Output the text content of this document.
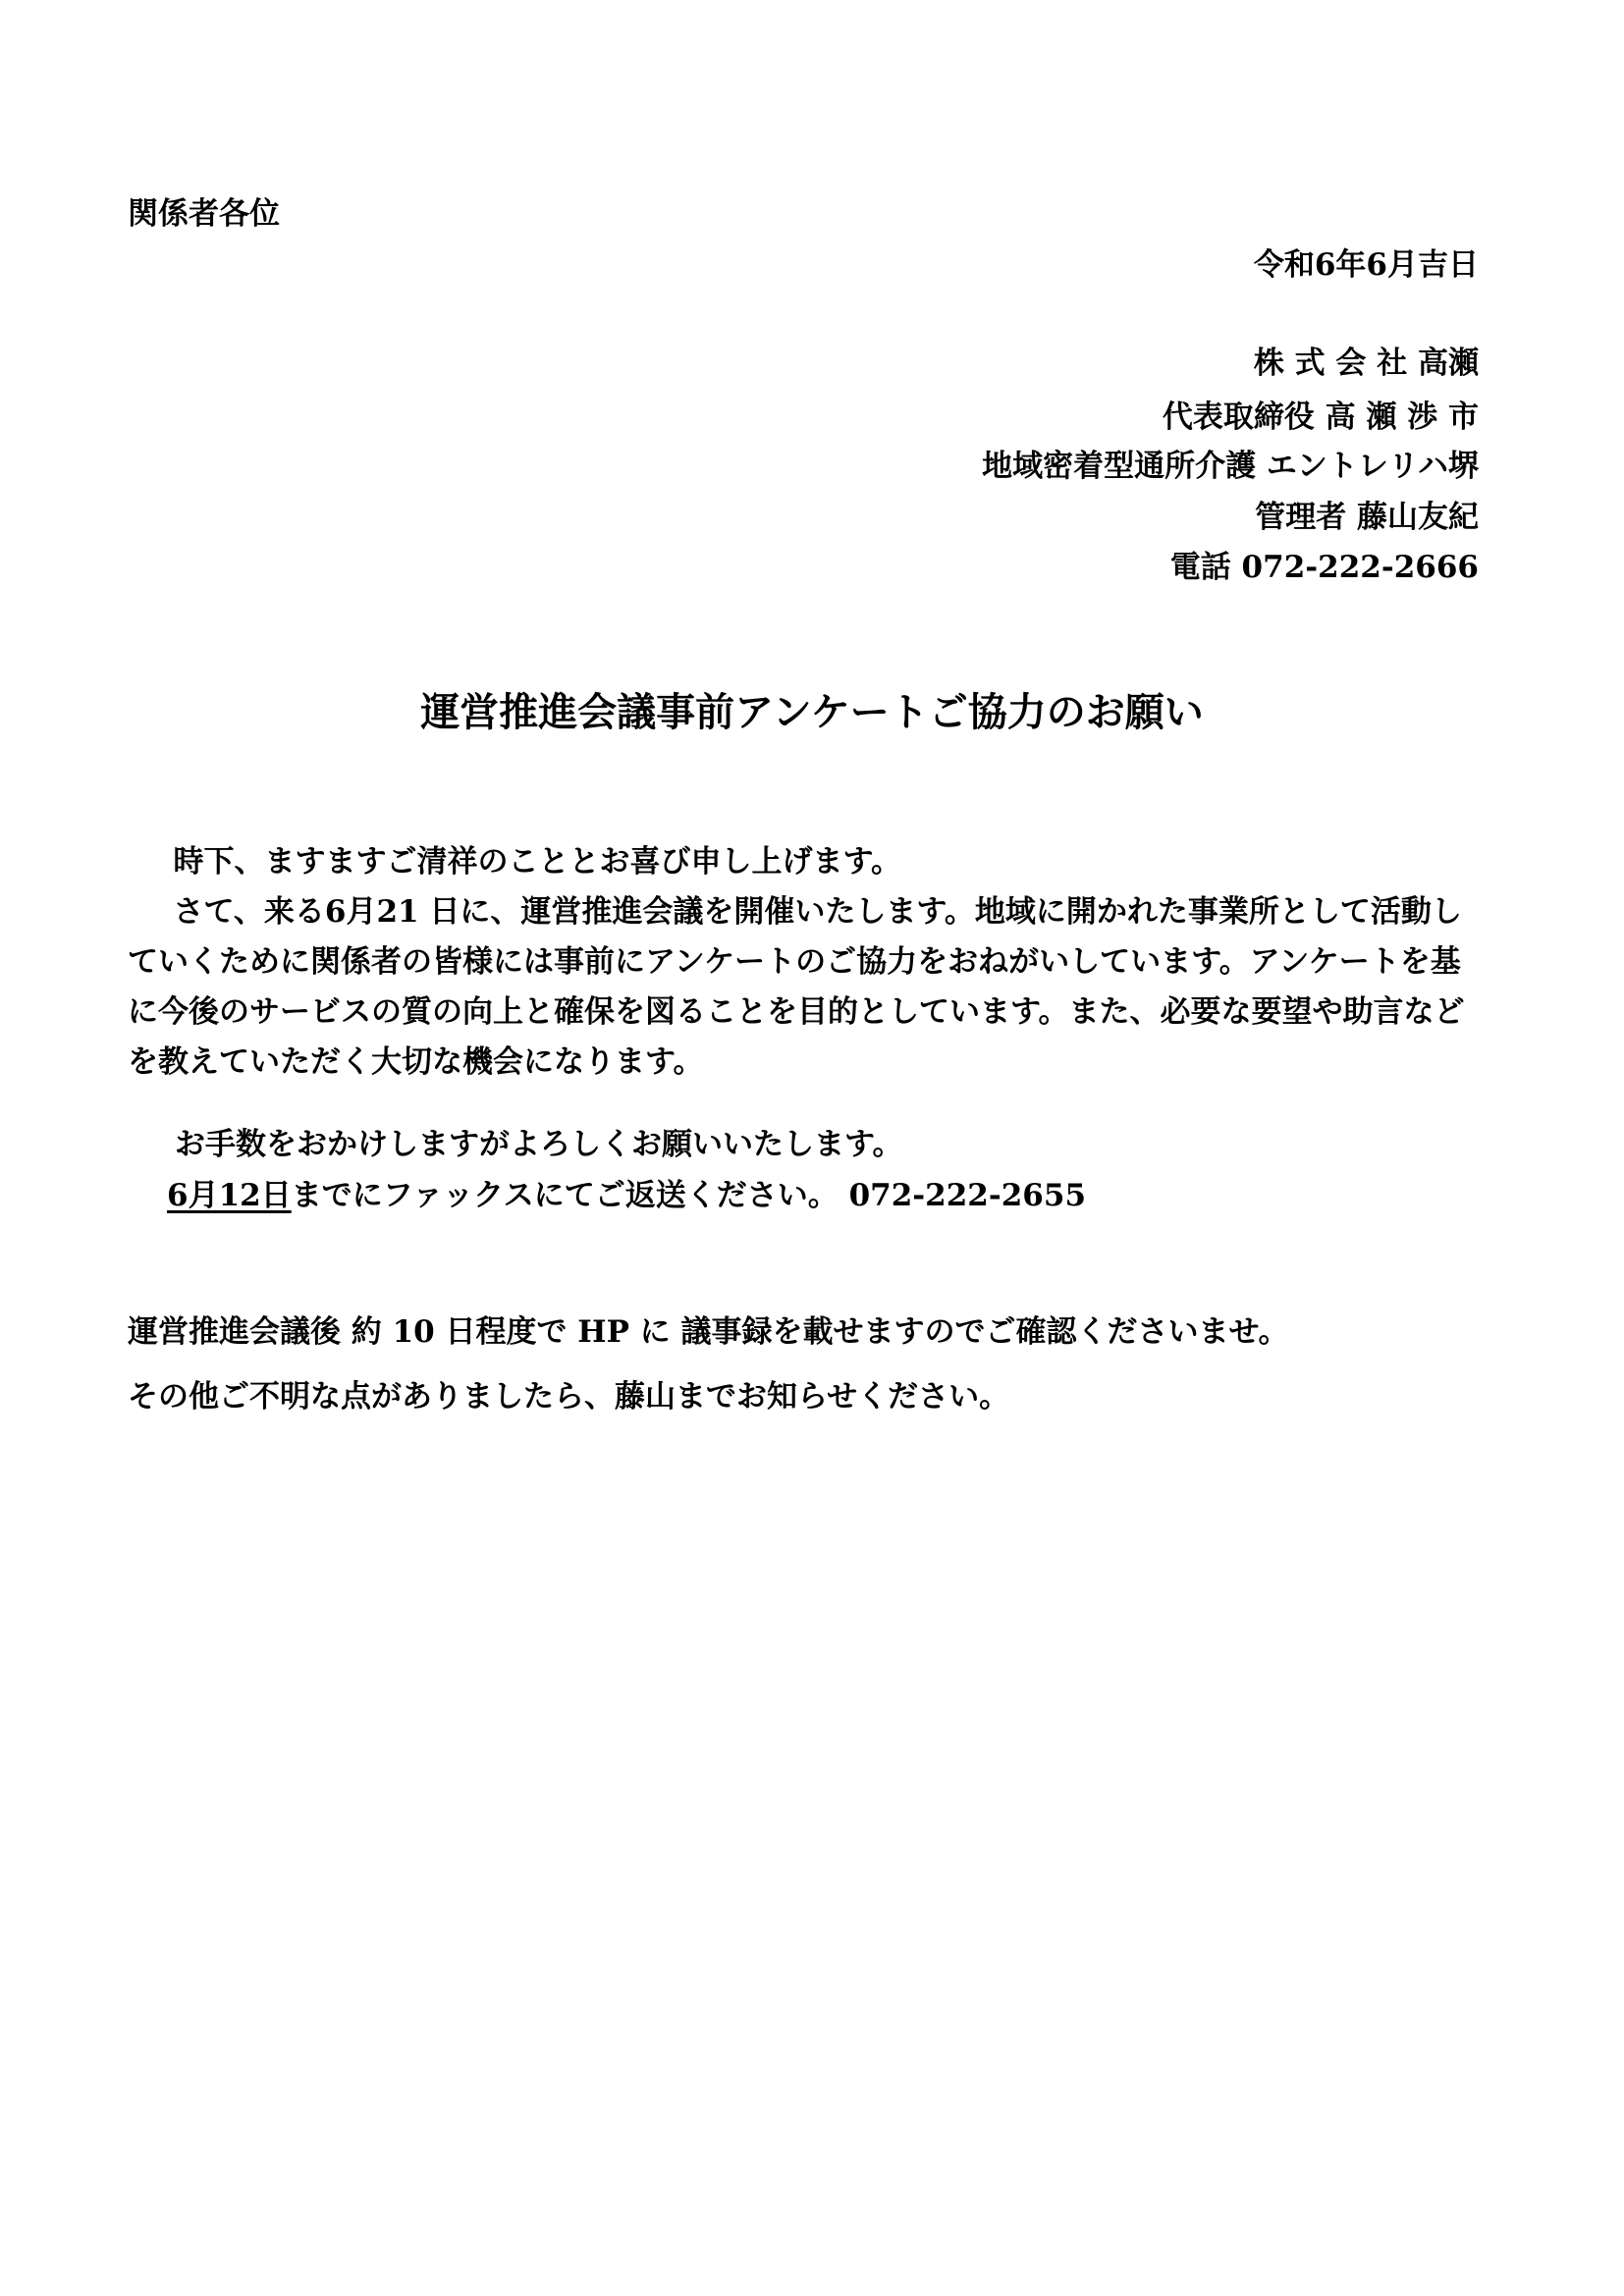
関係者各位
令和6年6月吉日
株 式 会 社 高瀬
代表取締役 高 瀬 渉 市
地域密着型通所介護 エントレリハ堺
管理者 藤山友紀
電話 072-222-2666
運営推進会議事前アンケートご協力のお願い

時下、ますますご清祥のこととお喜び申し上げます。

さて、来る6月21 日に、運営推進会議を開催いたします。地域に開かれた事業所として活動していくために関係者の皆様には事前にアンケートのご協力をおねがいしています。アンケートを基に今後のサービスの質の向上と確保を図ることを目的としています。また、必要な要望や助言などを教えていただく大切な機会になります。

お手数をおかけしますがよろしくお願いいたします。
6月12日までにファックスにてご返送ください。 072-222-2655
運営推進会議後 約 10 日程度で HP に 議事録を載せますのでご確認くださいませ。
その他ご不明な点がありましたら、藤山までお知らせください。
